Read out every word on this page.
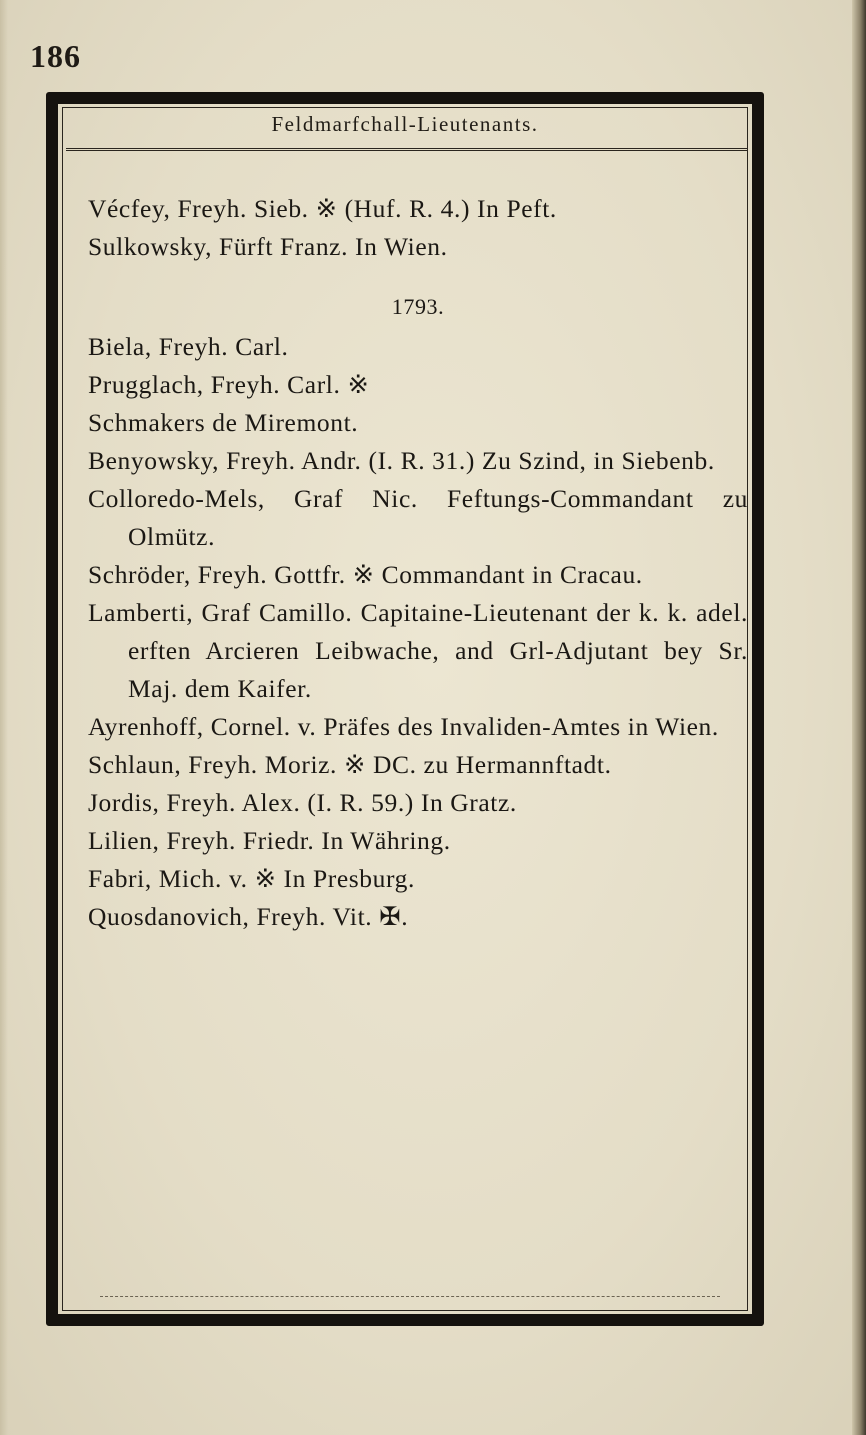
186
Feldmarfchall-Lieutenants.
Vécfey, Freyh. Sieb. ※ (Huf. R. 4.) In Peft.
Sulkowsky, Fürft Franz. In Wien.
1793.
Biela, Freyh. Carl.
Prugglach, Freyh. Carl. ※
Schmakers de Miremont.
Benyowsky, Freyh. Andr. (I. R. 31.) Zu Szind, in Siebenb.
Colloredo-Mels, Graf Nic. Feftungs-Commandant zu Olmütz.
Schröder, Freyh. Gottfr. ※ Commandant in Cracau.
Lamberti, Graf Camillo. Capitaine-Lieutenant der k. k. adel. erften Arcieren Leibwache, and Grl-Adjutant bey Sr. Maj. dem Kaifer.
Ayrenhoff, Cornel. v. Präfes des Invaliden-Amtes in Wien.
Schlaun, Freyh. Moriz. ※ DC. zu Hermannftadt.
Jordis, Freyh. Alex. (I. R. 59.) In Gratz.
Lilien, Freyh. Friedr. In Währing.
Fabri, Mich. v. ※ In Presburg.
Quosdanovich, Freyh. Vit. ✠.
